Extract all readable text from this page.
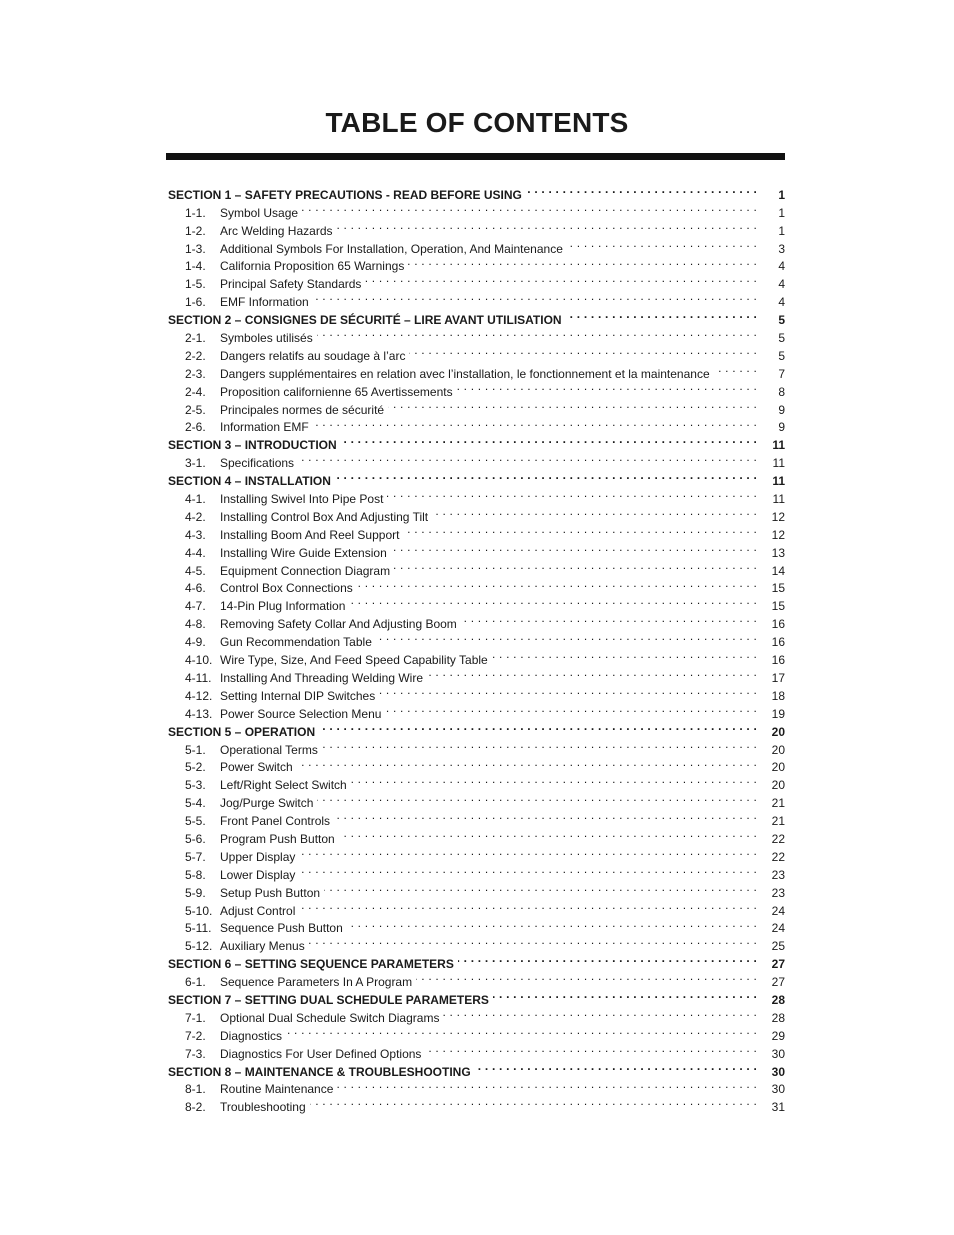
TABLE OF CONTENTS
SECTION 1 – SAFETY PRECAUTIONS - READ BEFORE USING . . .	1
1-1.	Symbol Usage . . .	1
1-2.	Arc Welding Hazards . . .	1
1-3.	Additional Symbols For Installation, Operation, And Maintenance . . .	3
1-4.	California Proposition 65 Warnings . . .	4
1-5.	Principal Safety Standards . . .	4
1-6.	EMF Information . . .	4
SECTION 2 – CONSIGNES DE SÉCURITÉ – LIRE AVANT UTILISATION . . .	5
2-1.	Symboles utilisés . . .	5
2-2.	Dangers relatifs au soudage à l’arc . . .	5
2-3.	Dangers supplémentaires en relation avec l’installation, le fonctionnement et la maintenance . . .	7
2-4.	Proposition californienne 65 Avertissements . . .	8
2-5.	Principales normes de sécurité . . .	9
2-6.	Information EMF . . .	9
SECTION 3 – INTRODUCTION . . .	11
3-1.	Specifications . . .	11
SECTION 4 – INSTALLATION . . .	11
4-1.	Installing Swivel Into Pipe Post . . .	11
4-2.	Installing Control Box And Adjusting Tilt . . .	12
4-3.	Installing Boom And Reel Support . . .	12
4-4.	Installing Wire Guide Extension . . .	13
4-5.	Equipment Connection Diagram . . .	14
4-6.	Control Box Connections . . .	15
4-7.	14-Pin Plug Information . . .	15
4-8.	Removing Safety Collar And Adjusting Boom . . .	16
4-9.	Gun Recommendation Table . . .	16
4-10. Wire Type, Size, And Feed Speed Capability Table . . .	16
4-11. Installing And Threading Welding Wire . . .	17
4-12. Setting Internal DIP Switches . . .	18
4-13. Power Source Selection Menu . . .	19
SECTION 5 – OPERATION . . .	20
5-1.	Operational Terms . . .	20
5-2.	Power Switch . . .	20
5-3.	Left/Right Select Switch . . .	20
5-4.	Jog/Purge Switch . . .	21
5-5.	Front Panel Controls . . .	21
5-6.	Program Push Button . . .	22
5-7.	Upper Display . . .	22
5-8.	Lower Display . . .	23
5-9.	Setup Push Button . . .	23
5-10. Adjust Control . . .	24
5-11. Sequence Push Button . . .	24
5-12. Auxiliary Menus . . .	25
SECTION 6 – SETTING SEQUENCE PARAMETERS . . .	27
6-1.	Sequence Parameters In A Program . . .	27
SECTION 7 – SETTING DUAL SCHEDULE PARAMETERS . . .	28
7-1.	Optional Dual Schedule Switch Diagrams . . .	28
7-2.	Diagnostics . . .	29
7-3.	Diagnostics For User Defined Options . . .	30
SECTION 8 – MAINTENANCE & TROUBLESHOOTING . . .	30
8-1.	Routine Maintenance . . .	30
8-2.	Troubleshooting . . .	31
